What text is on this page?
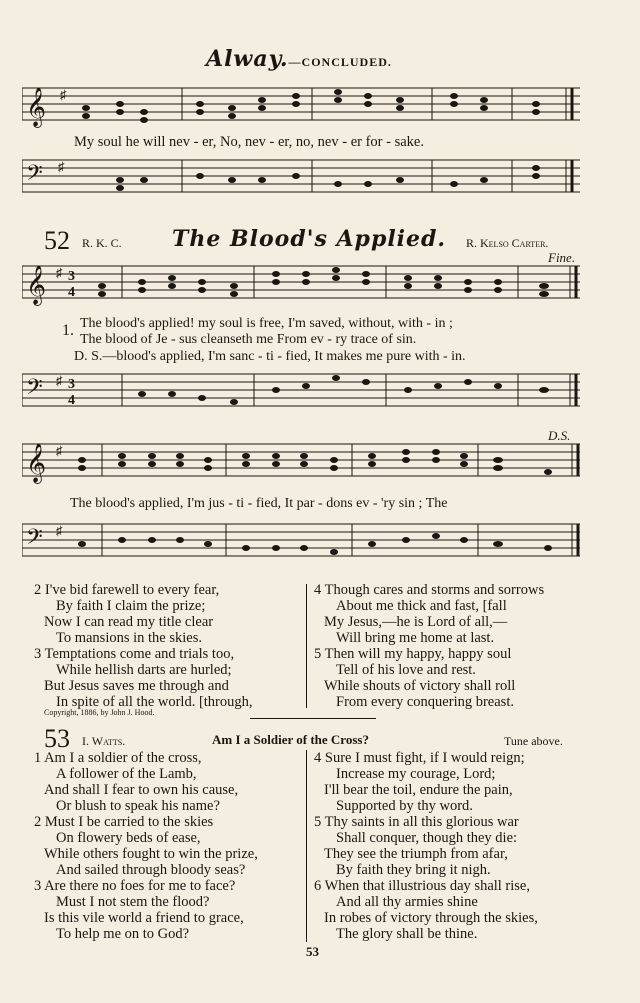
Alway.—CONCLUDED.
𝄞 ♯
My soul he will nev - er, No, nev - er, no, nev - er for - sake.
𝄢 ♯
52 R. K. C. The Blood's Applied. R. Kelso Carter.
Fine.
𝄞 ♯ 3
4
1. The blood's applied! my soul is free, I'm saved, without, with - in ;
The blood of Je - sus cleanseth me From ev - ry trace of sin.
D. S.—blood's applied, I'm sanc - ti - fied, It makes me pure with - in.
𝄢 ♯ 3
4
D.S.
𝄞 ♯
The blood's applied, I'm jus - ti - fied, It par - dons ev - 'ry sin ; The
𝄢 ♯
2 I've bid farewell to every fear,
By faith I claim the prize;
Now I can read my title clear
To mansions in the skies.
3 Temptations come and trials too,
While hellish darts are hurled;
But Jesus saves me through and
In spite of all the world. [through,
4 Though cares and storms and sorrows
About me thick and fast, [fall
My Jesus,—he is Lord of all,—
Will bring me home at last.
5 Then will my happy, happy soul
Tell of his love and rest.
While shouts of victory shall roll
From every conquering breast.
Copyright, 1886, by John J. Hood.
53 I. Watts.	Am I a Soldier of the Cross?	Tune above.
1 Am I a soldier of the cross,
A follower of the Lamb,
And shall I fear to own his cause,
Or blush to speak his name?
2 Must I be carried to the skies
On flowery beds of ease,
While others fought to win the prize,
And sailed through bloody seas?
3 Are there no foes for me to face?
Must I not stem the flood?
Is this vile world a friend to grace,
To help me on to God?
4 Sure I must fight, if I would reign;
Increase my courage, Lord;
I'll bear the toil, endure the pain,
Supported by thy word.
5 Thy saints in all this glorious war
Shall conquer, though they die:
They see the triumph from afar,
By faith they bring it nigh.
6 When that illustrious day shall rise,
And all thy armies shine
In robes of victory through the skies,
The glory shall be thine.
53
